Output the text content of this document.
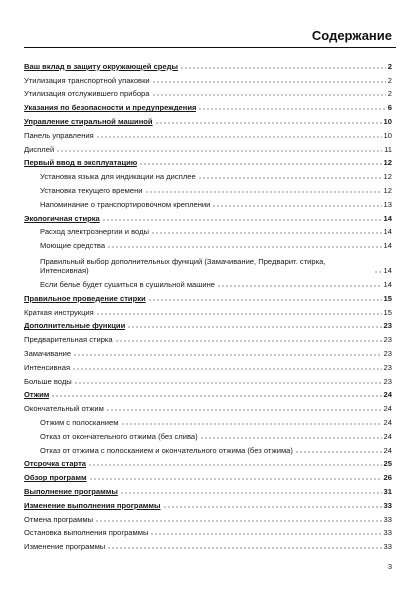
Содержание
Ваш вклад в защиту окружающей среды	2
Утилизация транспортной упаковки	2
Утилизация отслужившего прибора	2
Указания по безопасности и предупреждения	6
Управление стиральной машиной	10
Панель управления	10
Дисплей	11
Первый ввод в эксплуатацию	12
Установка языка для индикации на дисплее	12
Установка текущего времени	12
Напоминание о транспортировочном креплении	13
Экологичная стирка	14
Расход электроэнергии и воды	14
Моющие средства	14
Правильный выбор дополнительных функций (Замачивание, Предварит. стирка, Интенсивная)	14
Если белье будет сушиться в сушильной машине	14
Правильное проведение стирки	15
Краткая инструкция	15
Дополнительные функции	23
Предварительная стирка	23
Замачивание	23
Интенсивная	23
Больше воды	23
Отжим	24
Окончательный отжим	24
Отжим с полосканием	24
Отказ от окончательного отжима (без слива)	24
Отказ от отжима с полосканием и окончательного отжима (без отжима)	24
Отсрочка старта	25
Обзор программ	26
Выполнение программы	31
Изменение выполнения программы	33
Отмена программы	33
Остановка выполнения программы	33
Изменение программы	33
3
